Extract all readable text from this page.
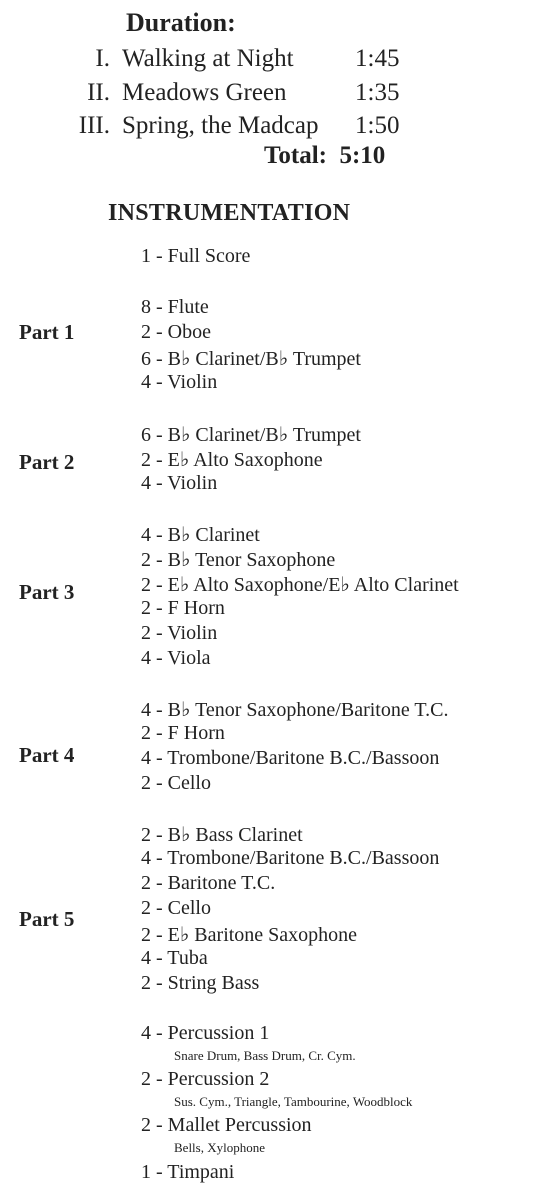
Duration:
I. Walking at Night 1:45
II. Meadows Green	1:35
III. Spring, the Madcap 1:50
Total:  5:10
INSTRUMENTATION
1 - Full Score
Part 1
8 - Flute
2 - Oboe
6 - B♭ Clarinet/B♭ Trumpet
4 - Violin
Part 2
6 - B♭ Clarinet/B♭ Trumpet
2 - E♭ Alto Saxophone
4 - Violin
Part 3
4 - B♭ Clarinet
2 - B♭ Tenor Saxophone
2 - E♭ Alto Saxophone/E♭ Alto Clarinet
2 - F Horn
2 - Violin
4 - Viola
Part 4
4 - B♭ Tenor Saxophone/Baritone T.C.
2 - F Horn
4 - Trombone/Baritone B.C./Bassoon
2 - Cello
Part 5
2 - B♭ Bass Clarinet
4 - Trombone/Baritone B.C./Bassoon
2 - Baritone T.C.
2 - Cello
2 - E♭ Baritone Saxophone
4 - Tuba
2 - String Bass
4 - Percussion 1
Snare Drum, Bass Drum, Cr. Cym.
2 - Percussion 2
Sus. Cym., Triangle, Tambourine, Woodblock
2 - Mallet Percussion
Bells, Xylophone
1 - Timpani
